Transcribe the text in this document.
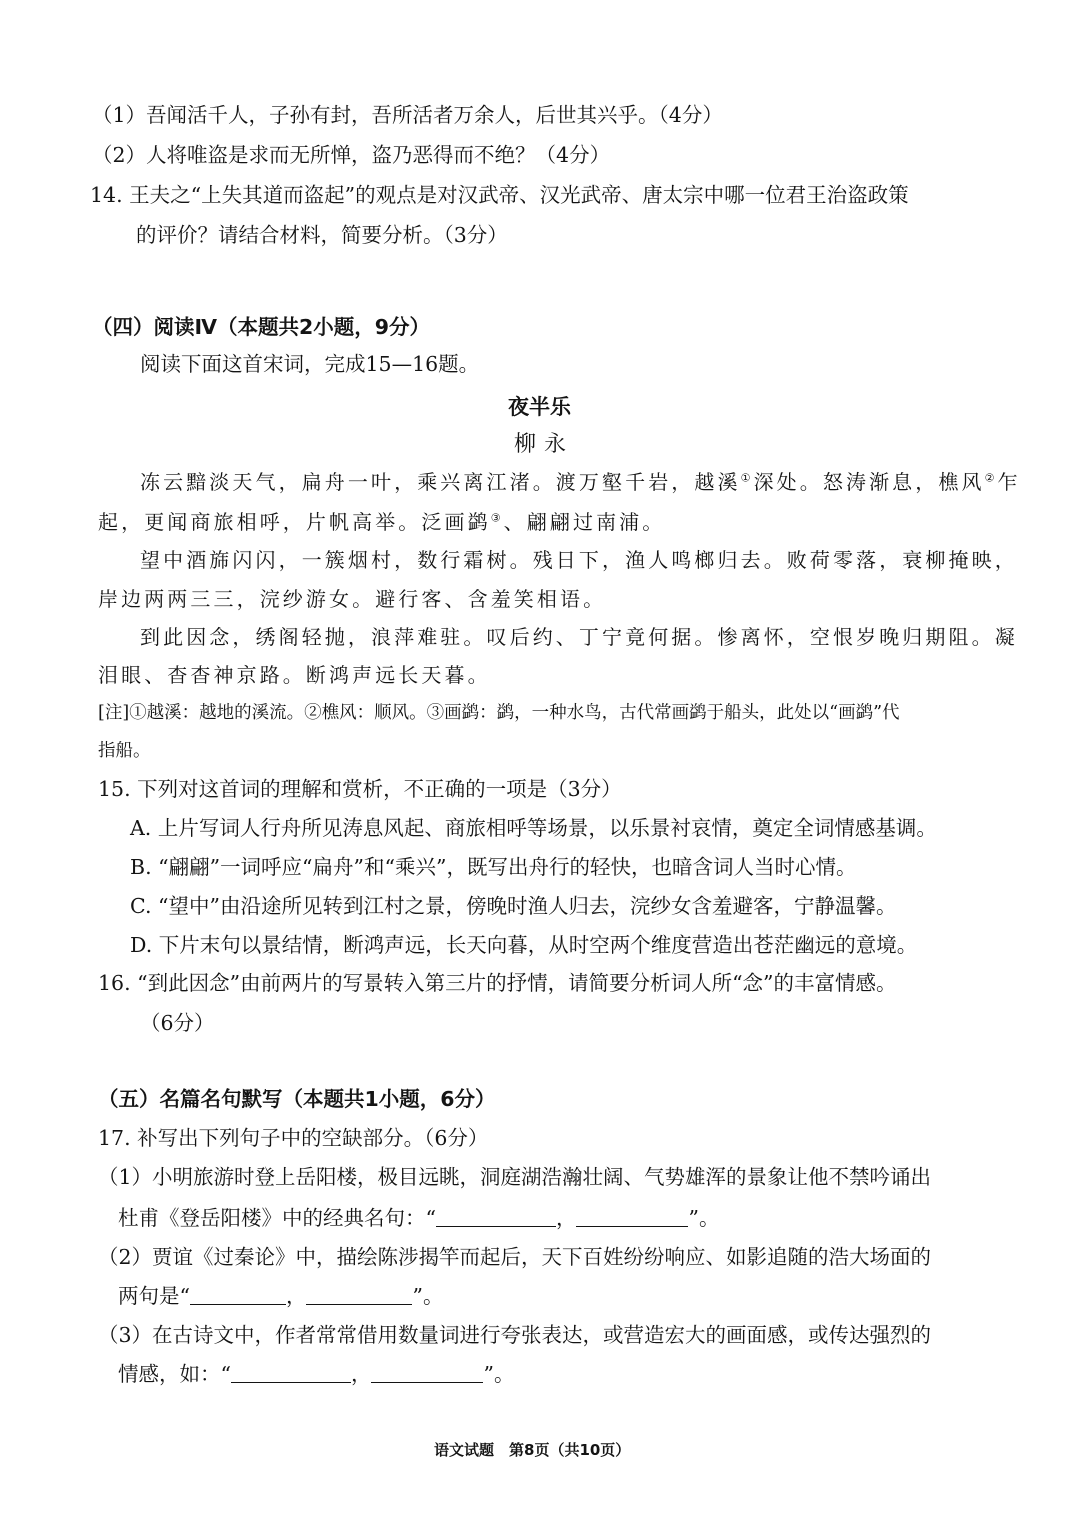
（1）吾闻活千人，子孙有封，吾所活者万余人，后世其兴乎。（4分）
（2）人将唯盗是求而无所惮，盗乃恶得而不绝？（4分）
14. 王夫之“上失其道而盗起”的观点是对汉武帝、汉光武帝、唐太宗中哪一位君王治盗政策
的评价？请结合材料，简要分析。（3分）
（四）阅读Ⅳ（本题共2小题，9分）
阅读下面这首宋词，完成15—16题。
夜半乐
柳永
冻云黯淡天气，扁舟一叶，乘兴离江渚。渡万壑千岩，越溪①深处。怒涛渐息，樵风②乍
起，更闻商旅相呼，片帆高举。泛画鹢③、翩翩过南浦。
望中酒旆闪闪，一簇烟村，数行霜树。残日下，渔人鸣榔归去。败荷零落，衰柳掩映，
岸边两两三三，浣纱游女。避行客、含羞笑相语。
到此因念，绣阁轻抛，浪萍难驻。叹后约、丁宁竟何据。惨离怀，空恨岁晚归期阻。凝
泪眼、杳杳神京路。断鸿声远长天暮。
[注]①越溪：越地的溪流。②樵风：顺风。③画鹢：鹢，一种水鸟，古代常画鹢于船头，此处以“画鹢”代
指船。
15. 下列对这首词的理解和赏析，不正确的一项是（3分）
A. 上片写词人行舟所见涛息风起、商旅相呼等场景，以乐景衬哀情，奠定全词情感基调。
B. “翩翩”一词呼应“扁舟”和“乘兴”，既写出舟行的轻快，也暗含词人当时心情。
C. “望中”由沿途所见转到江村之景，傍晚时渔人归去，浣纱女含羞避客，宁静温馨。
D. 下片末句以景结情，断鸿声远，长天向暮，从时空两个维度营造出苍茫幽远的意境。
16. “到此因念”由前两片的写景转入第三片的抒情，请简要分析词人所“念”的丰富情感。
（6分）
（五）名篇名句默写（本题共1小题，6分）
17. 补写出下列句子中的空缺部分。（6分）
（1）小明旅游时登上岳阳楼，极目远眺，洞庭湖浩瀚壮阔、气势雄浑的景象让他不禁吟诵出
杜甫《登岳阳楼》中的经典名句：“	，	”。
（2）贾谊《过秦论》中，描绘陈涉揭竿而起后，天下百姓纷纷响应、如影追随的浩大场面的
两句是“	，	”。
（3）在古诗文中，作者常常借用数量词进行夸张表达，或营造宏大的画面感，或传达强烈的
情感，如：“	，	”。
语文试题　第8页（共10页）
